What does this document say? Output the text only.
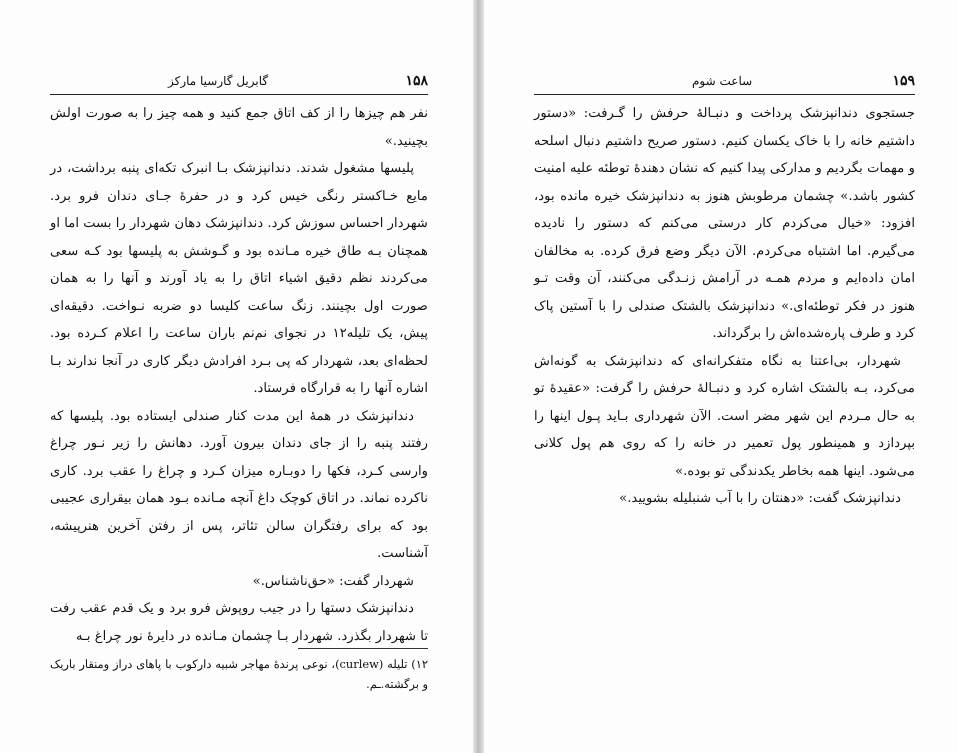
۱۵۸
گابریل گارسیا مارکز

نفر هم چیزها را از کف اتاق جمع کنید و همه چیز را به صورت اولش بچینید.»

پلیسها مشغول شدند. دندانپزشک بـا انبرک تکه‌ای پنبه برداشت، در مایع خـاکستر رنگی خیس کرد و در حفرهٔ جـای دندان فرو برد. شهردار احساس سوزش کرد. دندانپزشک دهان شهردار را بست اما او همچنان بـه طاق خیره مـانده بود و گـوشش به پلیسها بود کـه سعی می‌کردند نظم دقیق اشیاء اتاق را به یاد آورند و آنها را به همان صورت اول بچینند. زنگ ساعت کلیسا دو ضربه نـواخت. دقیقه‌ای پیش، یک تلیله۱۲ در نجوای نم‌نم باران ساعت را اعلام کـرده بود. لحظه‌ای بعد، شهردار که پی بـرد افرادش دیگر کاری در آنجا ندارند بـا اشاره آنها را به قرارگاه فرستاد.

دندانپزشک در همهٔ این مدت کنار صندلی ایستاده بود. پلیسها که رفتند پنبه را از جای دندان بیرون آورد. دهانش را زیر نـور چراغ وارسی کـرد، فکها را دوبـاره میزان کـرد و چراغ را عقب برد. کاری ناکرده نماند. در اتاق کوچک داغ آنچه مـانده بـود همان بیقراری عجیبی بود که برای رفتگران سالن تئاتر، پس از رفتن آخرین هنرپیشه، آشناست.

شهردار گفت: «حق‌ناشناس.»

دندانپزشک دستها را در جیب روپوش فرو برد و یک قدم عقب رفت تا شهردار بگذرد. شهردار بـا چشمان مـانده در دایرهٔ نور چراغ بـه

۱۲) تلیله (curlew)، نوعی پرندهٔ مهاجر شبیه دارکوب با پاهای دراز ومنقار باریک و برگشته.ـم.
۱۵۹
ساعت شوم

جستجوی دندانپزشک پرداخت و دنبـالهٔ حرفش را گـرفت: «دستور داشتیم خانه را با خاک یکسان کنیم. دستور صریح داشتیم دنبال اسلحه و مهمات بگردیم و مدارکی پیدا کنیم که نشان دهندهٔ توطئه علیه امنیت کشور باشد.» چشمان مرطوبش هنوز به دندانپزشک خیره مانده بود، افزود: «خیال می‌کردم کار درستی می‌کنم که دستور را نادیده می‌گیرم. اما اشتباه می‌کردم. الآن دیگر وضع فرق کرده. به مخالفان امان داده‌ایم و مردم همـه در آرامش زنـدگی می‌کنند، آن وقت تـو هنوز در فکر توطئه‌ای.» دندانپزشک بالشتک صندلی را با آستین پاک کرد و طرف پاره‌شده‌اش را برگرداند.

شهردار، بی‌اعتنا به نگاه متفکرانه‌ای که دندانپزشک به گونه‌اش می‌کرد، بـه بالشتک اشاره کرد و دنبـالهٔ حرفش را گرفت: «عقیدهٔ تو به حال مـردم این شهر مضر است. الآن شهرداری بـاید پـول اینها را بپردازد و همینطور پول تعمیر در خانه را که روی هم پول کلانی می‌شود. اینها همه بخاطر یکدندگی تو بوده.»

دندانپزشک گفت: «دهنتان را با آب شنبلیله بشویید.»
